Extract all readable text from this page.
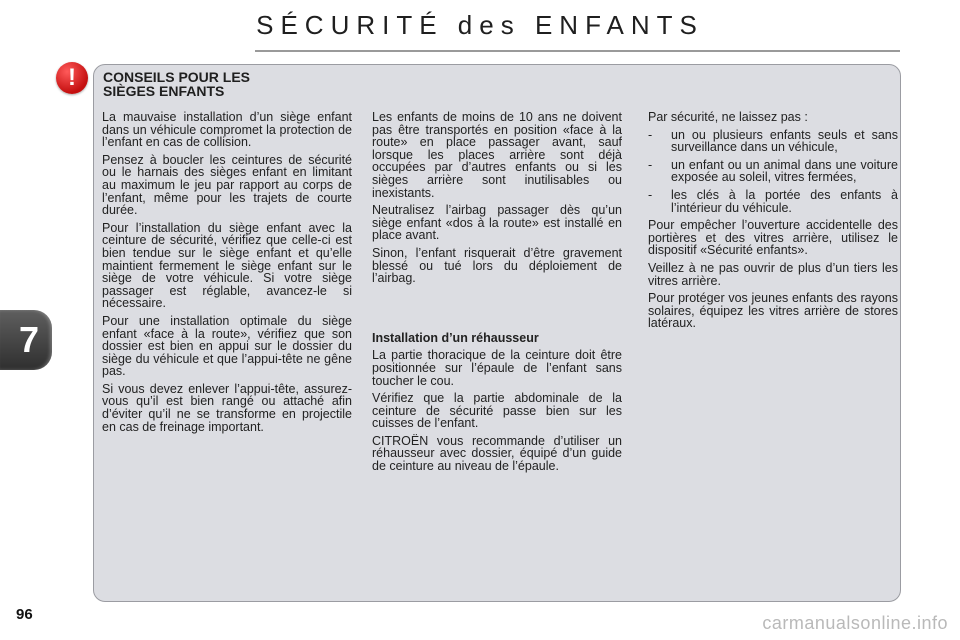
SÉCURITÉ des ENFANTS
7
!	CONSEILS POUR LES
SIÈGES ENFANTS

La mauvaise installation d’un siège enfant dans un véhicule compromet la protection de l’enfant en cas de collision.

Pensez à boucler les ceintures de sécurité ou le harnais des sièges enfant en limitant au maximum le jeu par rapport au corps de l’enfant, même pour les trajets de courte durée.

Pour l’installation du siège enfant avec la ceinture de sécurité, vérifiez que celle-ci est bien tendue sur le siège enfant et qu’elle maintient fermement le siège enfant sur le siège de votre véhicule. Si votre siège passager est réglable, avancez-le si nécessaire.

Pour une installation optimale du siège enfant «face à la route», vérifiez que son dossier est bien en appui sur le dossier du siège du véhicule et que l’appui-tête ne gêne pas.

Si vous devez enlever l’appui-tête, assurez-vous qu’il est bien rangé ou attaché afin d’éviter qu’il ne se transforme en projectile en cas de freinage important.

Les enfants de moins de 10 ans ne doivent pas être transportés en position «face à la route» en place passager avant, sauf lorsque les places arrière sont déjà occupées par d’autres enfants ou si les sièges arrière sont inutilisables ou inexistants.

Neutralisez l’airbag passager dès qu’un siège enfant «dos à la route» est installé en place avant.

Sinon, l’enfant risquerait d’être gravement blessé ou tué lors du déploiement de l’airbag.

Installation d’un réhausseur

La partie thoracique de la ceinture doit être positionnée sur l’épaule de l’enfant sans toucher le cou.

Vérifiez que la partie abdominale de la ceinture de sécurité passe bien sur les cuisses de l’enfant.

CITROËN vous recommande d’utiliser un réhausseur avec dossier, équipé d’un guide de ceinture au niveau de l’épaule.

Par sécurité, ne laissez pas :

- un ou plusieurs enfants seuls et sans surveillance dans un véhicule,
- un enfant ou un animal dans une voiture exposée au soleil, vitres fermées,
- les clés à la portée des enfants à l’intérieur du véhicule.

Pour empêcher l’ouverture accidentelle des portières et des vitres arrière, utilisez le dispositif «Sécurité enfants».

Veillez à ne pas ouvrir de plus d’un tiers les vitres arrière.

Pour protéger vos jeunes enfants des rayons solaires, équipez les vitres arrière de stores latéraux.

96	carmanualsonline.info
